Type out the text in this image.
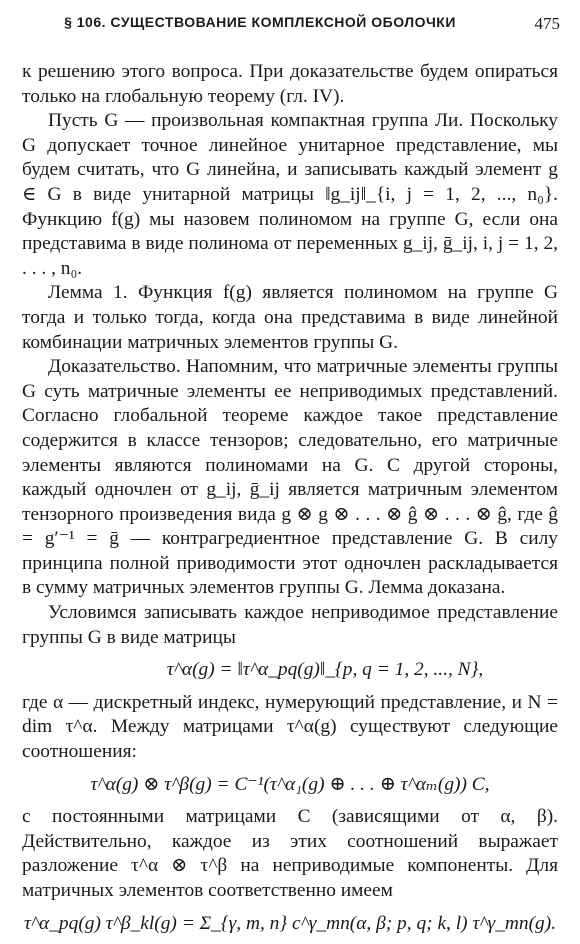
§ 106. СУЩЕСТВОВАНИЕ КОМПЛЕКСНОЙ ОБОЛОЧКИ	475

к решению этого вопроса. При доказательстве будем опираться только на глобальную теорему (гл. IV).

Пусть G — произвольная компактная группа Ли. Поскольку G допускает точное линейное унитарное представление, мы будем считать, что G линейна, и записывать каждый элемент g ∈ G в виде унитарной матрицы ‖g_ij‖_{i, j = 1, 2, ..., n₀}. Функцию f(g) мы назовем полиномом на группе G, если она представима в виде полинома от переменных g_ij, ḡ_ij, i, j = 1, 2, . . . , n₀.

Лемма 1. Функция f(g) является полиномом на группе G тогда и только тогда, когда она представима в виде линейной комбинации матричных элементов группы G.

Доказательство. Напомним, что матричные элементы группы G суть матричные элементы ее неприводимых представлений. Согласно глобальной теореме каждое такое представление содержится в классе тензоров; следовательно, его матричные элементы являются полиномами на G. С другой стороны, каждый одночлен от g_ij, ḡ_ij является матричным элементом тензорного произведения вида g ⊗ g ⊗ . . . ⊗ ĝ ⊗ . . . ⊗ ĝ, где ĝ = g′⁻¹ = ḡ — контрагредиентное представление G. В силу принципа полной приводимости этот одночлен раскладывается в сумму матричных элементов группы G. Лемма доказана.

Условимся записывать каждое неприводимое представление группы G в виде матрицы

τ^α(g) = ‖τ^α_pq(g)‖_{p, q = 1, 2, ..., N},

где α — дискретный индекс, нумерующий представление, и N = dim τ^α. Между матрицами τ^α(g) существуют следующие соотношения:

τ^α(g) ⊗ τ^β(g) = C⁻¹(τ^α₁(g) ⊕ . . . ⊕ τ^αₘ(g)) C,

с постоянными матрицами C (зависящими от α, β). Действительно, каждое из этих соотношений выражает разложение τ^α ⊗ τ^β на неприводимые компоненты. Для матричных элементов соответственно имеем

τ^α_pq(g) τ^β_kl(g) = Σ_{γ, m, n} c^γ_mn(α, β; p, q; k, l) τ^γ_mn(g).
